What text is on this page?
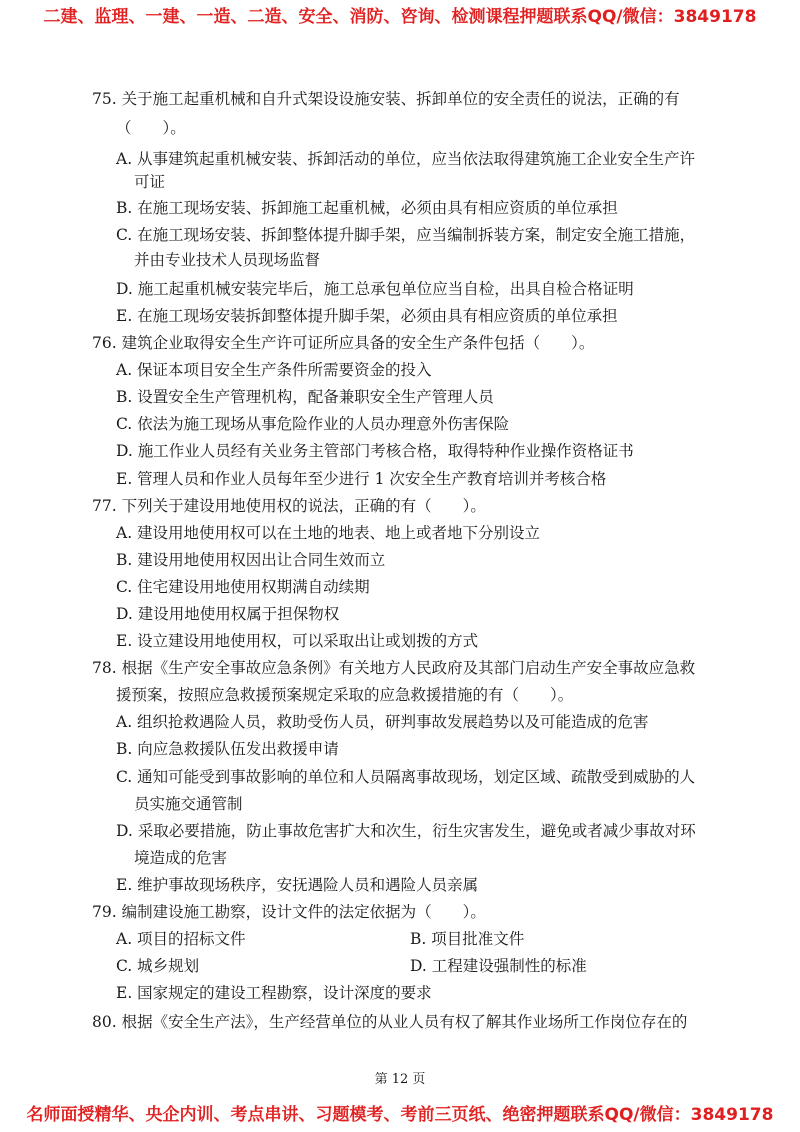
二建、监理、一建、一造、二造、安全、消防、咨询、检测课程押题联系QQ/微信：3849178
75. 关于施工起重机械和自升式架设设施安装、拆卸单位的安全责任的说法，正确的有
（　　）。
A. 从事建筑起重机械安装、拆卸活动的单位，应当依法取得建筑施工企业安全生产许
可证
B. 在施工现场安装、拆卸施工起重机械，必须由具有相应资质的单位承担
C. 在施工现场安装、拆卸整体提升脚手架，应当编制拆装方案，制定安全施工措施，
并由专业技术人员现场监督
D. 施工起重机械安装完毕后，施工总承包单位应当自检，出具自检合格证明
E. 在施工现场安装拆卸整体提升脚手架，必须由具有相应资质的单位承担
76. 建筑企业取得安全生产许可证所应具备的安全生产条件包括（　　）。
A. 保证本项目安全生产条件所需要资金的投入
B. 设置安全生产管理机构，配备兼职安全生产管理人员
C. 依法为施工现场从事危险作业的人员办理意外伤害保险
D. 施工作业人员经有关业务主管部门考核合格，取得特种作业操作资格证书
E. 管理人员和作业人员每年至少进行 1 次安全生产教育培训并考核合格
77. 下列关于建设用地使用权的说法，正确的有（　　）。
A. 建设用地使用权可以在土地的地表、地上或者地下分别设立
B. 建设用地使用权因出让合同生效而立
C. 住宅建设用地使用权期满自动续期
D. 建设用地使用权属于担保物权
E. 设立建设用地使用权，可以采取出让或划拨的方式
78. 根据《生产安全事故应急条例》有关地方人民政府及其部门启动生产安全事故应急救
援预案，按照应急救援预案规定采取的应急救援措施的有（　　）。
A. 组织抢救遇险人员，救助受伤人员，研判事故发展趋势以及可能造成的危害
B. 向应急救援队伍发出救援申请
C. 通知可能受到事故影响的单位和人员隔离事故现场，划定区域、疏散受到威胁的人
员实施交通管制
D. 采取必要措施，防止事故危害扩大和次生，衍生灾害发生，避免或者减少事故对环
境造成的危害
E. 维护事故现场秩序，安抚遇险人员和遇险人员亲属
79. 编制建设施工勘察，设计文件的法定依据为（　　）。
A. 项目的招标文件	B. 项目批准文件
C. 城乡规划	D. 工程建设强制性的标准
E. 国家规定的建设工程勘察，设计深度的要求
80. 根据《安全生产法》，生产经营单位的从业人员有权了解其作业场所工作岗位存在的
第 12 页
名师面授精华、央企内训、考点串讲、习题模考、考前三页纸、绝密押题联系QQ/微信：3849178
